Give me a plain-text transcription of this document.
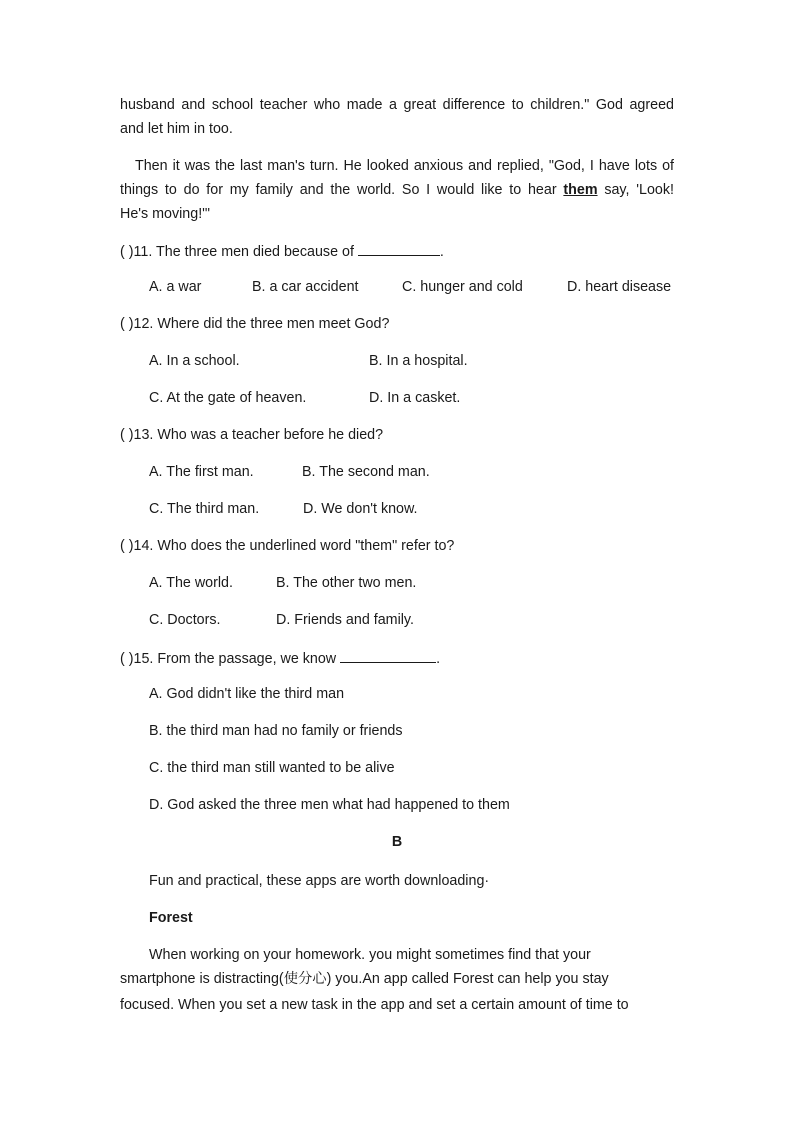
husband and school teacher who made a great difference to children." God agreed
and let him in too.
Then it was the last man's turn. He looked anxious and replied, "God, I have lots of
things to do for my family and the world. So I would like to hear them say, 'Look!
He's moving!'"
( )11. The three men died because of	.
A. a war	B. a car accident	C. hunger and cold	D. heart disease
( )12. Where did the three men meet God?
A. In a school.	B. In a hospital.
C. At the gate of heaven.	D. In a casket.
( )13. Who was a teacher before he died?
A. The first man.	B. The second man.
C. The third man.	D. We don't know.
( )14. Who does the underlined word "them" refer to?
A. The world.	B. The other two men.
C. Doctors.	D. Friends and family.
( )15. From the passage, we know	.
A. God didn't like the third man
B. the third man had no family or friends
C. the third man still wanted to be alive
D. God asked the three men what had happened to them
B
Fun and practical, these apps are worth downloading·
Forest
When working on your homework. you might sometimes find that your
smartphone is distracting(使分心) you.An app called Forest can help you stay
focused. When you set a new task in the app and set a certain amount of time to
